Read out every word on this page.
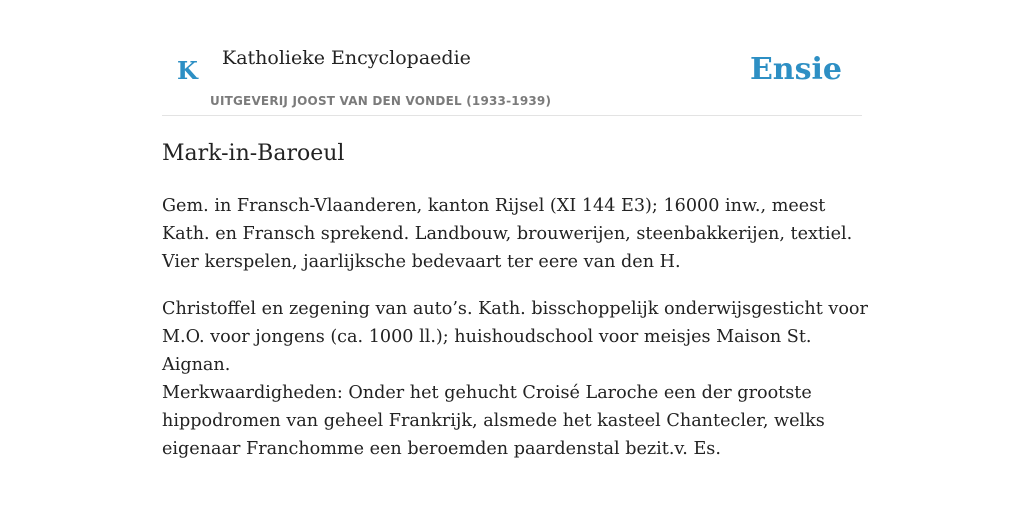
K Katholieke Encyclopaedie
UITGEVERIJ JOOST VAN DEN VONDEL (1933-1939)
Ensie
Mark-in-Baroeul

Gem. in Fransch-Vlaanderen, kanton Rijsel (XI 144 E3); 16000 inw., meest Kath. en Fransch sprekend. Landbouw, brouwerijen, steenbakkerijen, textiel. Vier kerspelen, jaarlijksche bedevaart ter eere van den H.

Christoffel en zegening van auto’s. Kath. bisschoppelijk onderwijsgesticht voor M.O. voor jongens (ca. 1000 ll.); huishoudschool voor meisjes Maison St. Aignan.

Merkwaardigheden: Onder het gehucht Croisé Laroche een der grootste hippodromen van geheel Frankrijk, alsmede het kasteel Chantecler, welks eigenaar Franchomme een beroemden paardenstal bezit.v. Es.
